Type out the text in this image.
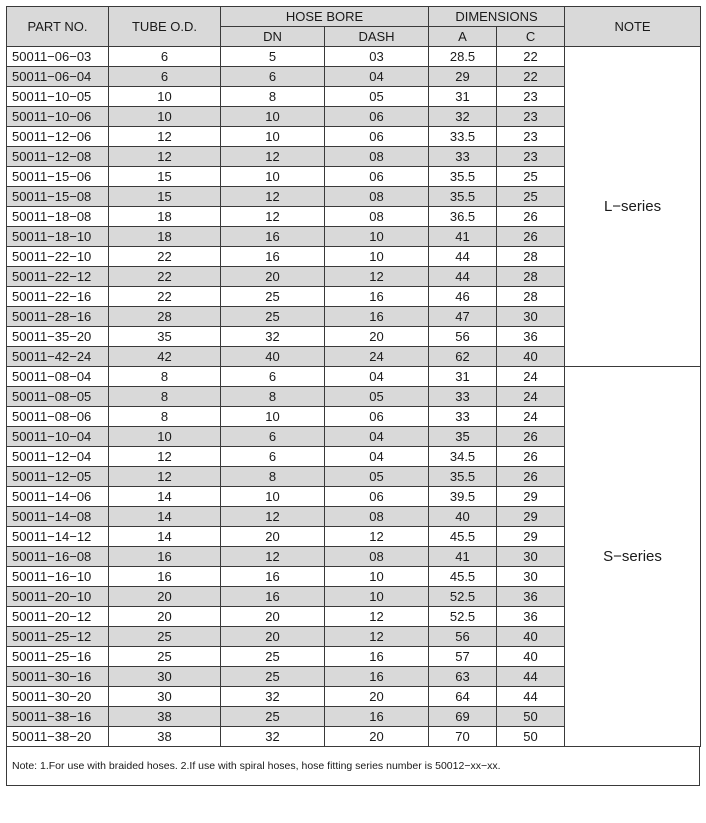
PART NO.	TUBE O.D.	HOSE BORE		DIMENSIONS		NOTE
		DN	DASH	A	C	
50011−06−03	6	5	03	28.5	22	L−series
50011−06−04	6	6	04	29	22	
50011−10−05	10	8	05	31	23	
50011−10−06	10	10	06	32	23	
50011−12−06	12	10	06	33.5	23	
50011−12−08	12	12	08	33	23	
50011−15−06	15	10	06	35.5	25	
50011−15−08	15	12	08	35.5	25	
50011−18−08	18	12	08	36.5	26	
50011−18−10	18	16	10	41	26	
50011−22−10	22	16	10	44	28	
50011−22−12	22	20	12	44	28	
50011−22−16	22	25	16	46	28	
50011−28−16	28	25	16	47	30	
50011−35−20	35	32	20	56	36	
50011−42−24	42	40	24	62	40	
50011−08−04	8	6	04	31	24	S−series
50011−08−05	8	8	05	33	24	
50011−08−06	8	10	06	33	24	
50011−10−04	10	6	04	35	26	
50011−12−04	12	6	04	34.5	26	
50011−12−05	12	8	05	35.5	26	
50011−14−06	14	10	06	39.5	29	
50011−14−08	14	12	08	40	29	
50011−14−12	14	20	12	45.5	29	
50011−16−08	16	12	08	41	30	
50011−16−10	16	16	10	45.5	30	
50011−20−10	20	16	10	52.5	36	
50011−20−12	20	20	12	52.5	36	
50011−25−12	25	20	12	56	40	
50011−25−16	25	25	16	57	40	
50011−30−16	30	25	16	63	44	
50011−30−20	30	32	20	64	44	
50011−38−16	38	25	16	69	50	
50011−38−20	38	32	20	70	50	
Note: 1.For use with braided hoses. 2.If use with spiral hoses, hose fitting series number is 50012−xx−xx.
